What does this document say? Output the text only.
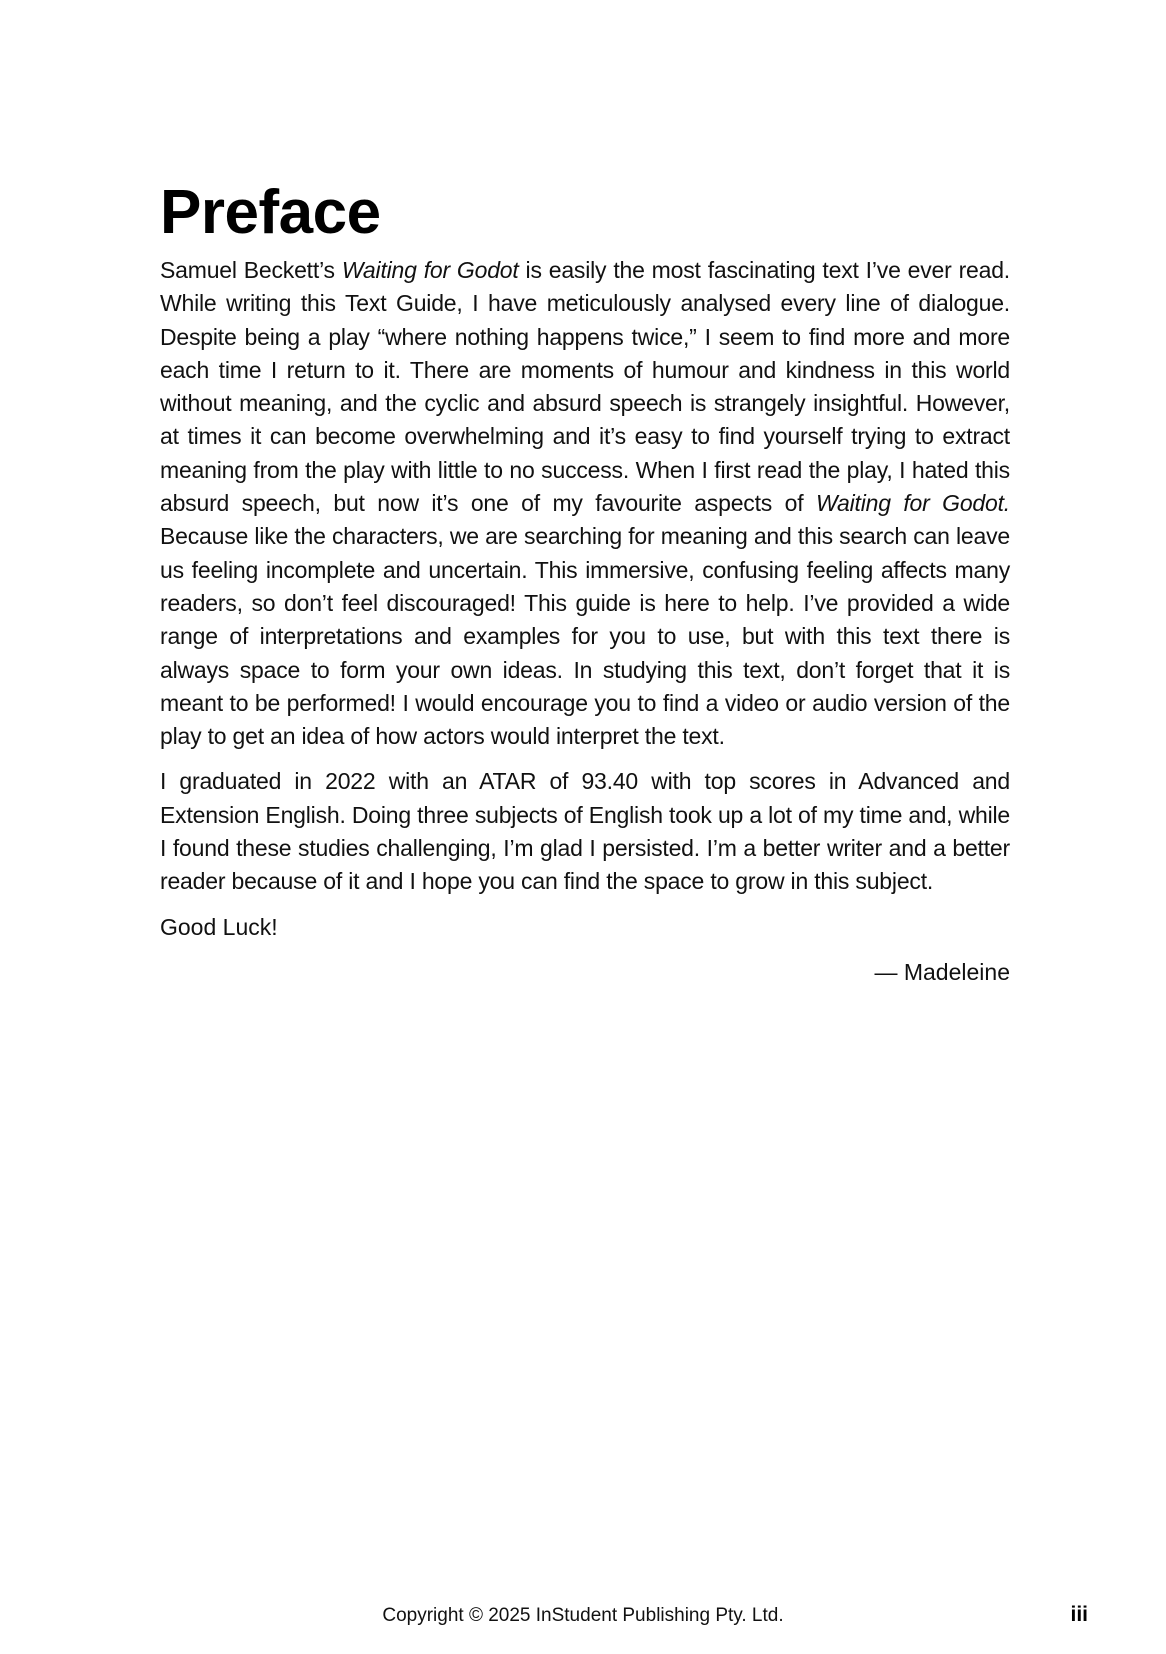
Preface

Samuel Beckett’s Waiting for Godot is easily the most fascinating text I’ve ever read. While writing this Text Guide, I have meticulously analysed every line of dialogue. Despite being a play “where nothing happens twice,” I seem to find more and more each time I return to it. There are moments of humour and kindness in this world without meaning, and the cyclic and absurd speech is strangely insightful. However, at times it can become overwhelming and it’s easy to find yourself trying to extract meaning from the play with little to no success. When I first read the play, I hated this absurd speech, but now it’s one of my favourite aspects of Waiting for Godot. Because like the characters, we are searching for meaning and this search can leave us feeling incomplete and uncertain. This immersive, confusing feeling affects many readers, so don’t feel discouraged! This guide is here to help. I’ve provided a wide range of interpretations and examples for you to use, but with this text there is always space to form your own ideas. In studying this text, don’t forget that it is meant to be performed! I would encourage you to find a video or audio version of the play to get an idea of how actors would interpret the text.

I graduated in 2022 with an ATAR of 93.40 with top scores in Advanced and Extension English. Doing three subjects of English took up a lot of my time and, while I found these studies challenging, I’m glad I persisted. I’m a better writer and a better reader because of it and I hope you can find the space to grow in this subject.

Good Luck!

— Madeleine

Copyright © 2025 InStudent Publishing Pty. Ltd.	iii
